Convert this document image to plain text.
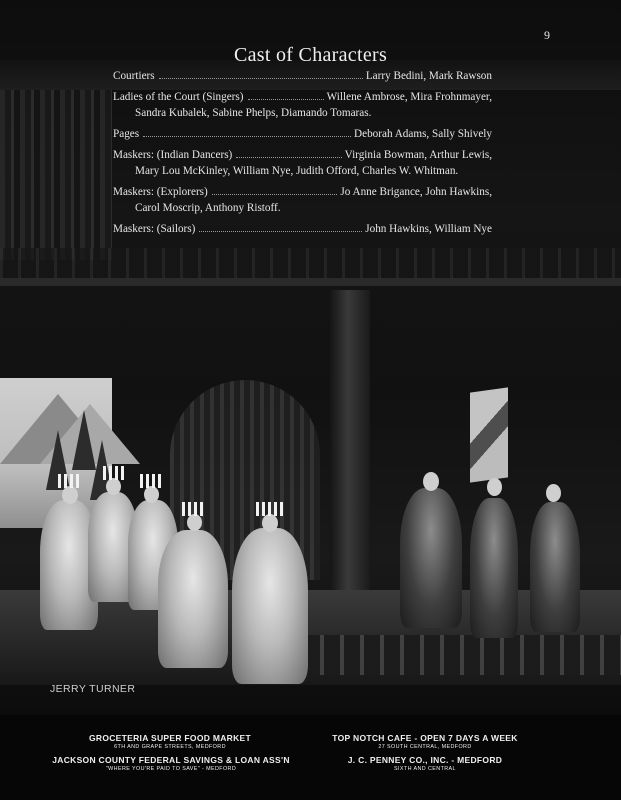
9
Cast of Characters
Courtiers	Larry Bedini, Mark Rawson
Ladies of the Court (Singers)	Willene Ambrose, Mira Frohnmayer,
Sandra Kubalek, Sabine Phelps, Diamando Tomaras.
Pages	Deborah Adams, Sally Shively
Maskers: (Indian Dancers)	Virginia Bowman, Arthur Lewis,
Mary Lou McKinley, William Nye, Judith Offord, Charles W. Whitman.
Maskers: (Explorers)	Jo Anne Brigance, John Hawkins,
Carol Moscrip, Anthony Ristoff.
Maskers: (Sailors)	John Hawkins, William Nye
JERRY TURNER
GROCETERIA SUPER FOOD MARKET
6TH AND GRAPE STREETS, MEDFORD
TOP NOTCH CAFE - OPEN 7 DAYS A WEEK
27 SOUTH CENTRAL, MEDFORD
JACKSON COUNTY FEDERAL SAVINGS & LOAN ASS'N
"WHERE YOU'RE PAID TO SAVE" - MEDFORD
J. C. PENNEY CO., INC. - MEDFORD
SIXTH AND CENTRAL
